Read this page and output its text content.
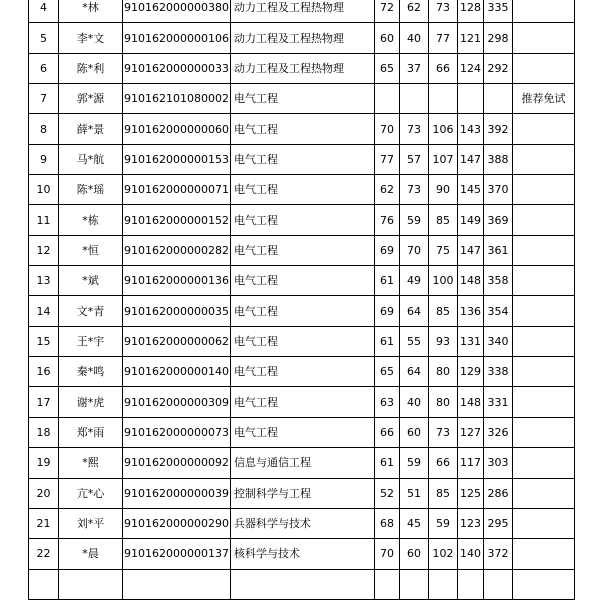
4	*林	910162000000380	动力工程及工程热物理	72	62	73	128	335	
5	李*文	910162000000106	动力工程及工程热物理	60	40	77	121	298	
6	陈*利	910162000000033	动力工程及工程热物理	65	37	66	124	292	
7	郭*源	910162101080002	电气工程						推荐免试
8	薛*景	910162000000060	电气工程	70	73	106	143	392	
9	马*航	910162000000153	电气工程	77	57	107	147	388	
10	陈*瑶	910162000000071	电气工程	62	73	90	145	370	
11	*栋	910162000000152	电气工程	76	59	85	149	369	
12	*恒	910162000000282	电气工程	69	70	75	147	361	
13	*斌	910162000000136	电气工程	61	49	100	148	358	
14	文*青	910162000000035	电气工程	69	64	85	136	354	
15	王*宇	910162000000062	电气工程	61	55	93	131	340	
16	秦*鸣	910162000000140	电气工程	65	64	80	129	338	
17	谢*虎	910162000000309	电气工程	63	40	80	148	331	
18	郑*雨	910162000000073	电气工程	66	60	73	127	326	
19	*熙	910162000000092	信息与通信工程	61	59	66	117	303	
20	亢*心	910162000000039	控制科学与工程	52	51	85	125	286	
21	刘*平	910162000000290	兵器科学与技术	68	45	59	123	295	
22	*晨	910162000000137	核科学与技术	70	60	102	140	372	
